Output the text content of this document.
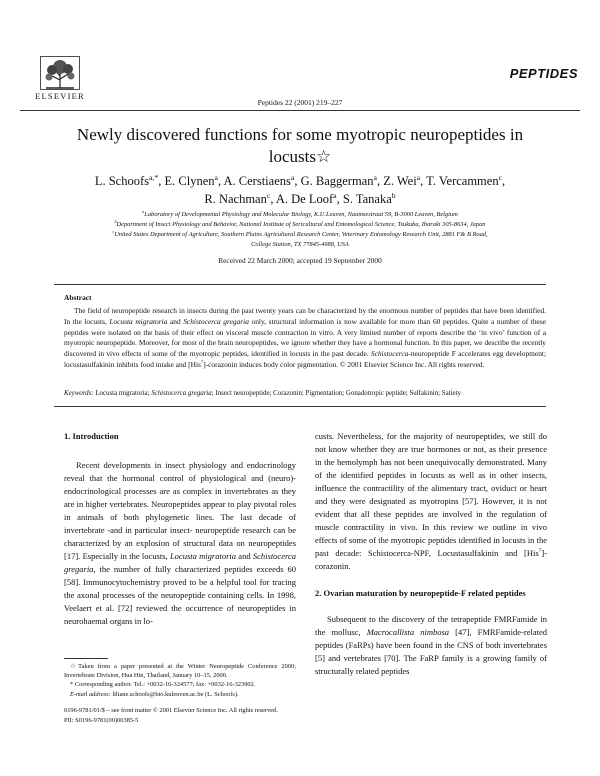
ELSEVIER
PEPTIDES
Peptides 22 (2001) 219–227
Newly discovered functions for some myotropic neuropeptides in locusts☆
L. Schoofs$^{a,*}$, E. Clynen$^a$, A. Cerstiaens$^a$, G. Baggerman$^a$, Z. Wei$^a$, T. Vercammen$^c$,
R. Nachman$^c$, A. De Loof$^a$, S. Tanaka$^b$
$^a$Laboratory of Developmental Physiology and Molecular Biology, K.U.Leuven, Naamsestraat 59, B-3000 Leuven, Belgium
$^b$Department of Insect Physiology and Behavior, National Institute of Sericultural and Entomological Science, Tsukuba, Ibaraki 305-8634, Japan
$^c$United States Department of Agriculture, Southern Plains Agricultural Research Center, Veterinary Entomology Research Unit, 2881 F& B Road,
College Station, TX 77845-4988, USA
Received 22 March 2000; accepted 19 September 2000
Abstract
The field of neuropeptide research in insects during the past twenty years can be characterized by the enormous number of peptides that have been identified. In the locusts, Locusta migratoria and Schistocerca gregaria only, structural information is now available for more than 60 peptides. Quite a number of these peptides were isolated on the basis of their effect on visceral muscle contraction in vitro. A very limited number of reports describe the ‘in vivo’ function of a myotropic neuropeptide. Moreover, for most of the brain neuropeptides, we ignore whether they have a hormonal function. In this paper, we describe the recently discovered in vivo effects of some of the myotropic peptides, identified in locusts in the past decade. Schistocerca-neuropeptide F accelerates egg development; locustasulfakinin inhibits food intake and [His$^7$]-corazonin induces body color pigmentation. © 2001 Elsevier Science Inc. All rights reserved.
Keywords: Locusta migratoria; Schistocerca gregaria; Insect neuropeptide; Corazonin; Pigmentation; Gonadotropic peptide; Sulfakinin; Satiety

1. Introduction

Recent developments in insect physiology and endocrinology reveal that the hormonal control of physiological and (neuro)-endocrinological processes are as complex in invertebrates as they are in higher vertebrates. Neuropeptides appear to play pivotal roles in animals of both phylogenetic lines. The last decade of invertebrate -and in particular insect- neuropeptide research can be characterized by an explosion of structural data on neuropeptides [17]. Especially in the locusts, Locusta migratoria and Schistocerca gregaria, the number of fully characterized peptides exceeds 60 [58]. Immunocytochemistry proved to be a helpful tool for tracing the axonal processes of the neuropeptide containing cells. In 1998, Veelaert et al. [72] reviewed the occurrence of neuropeptides in neurohaemal organs in lo-

custs. Nevertheless, for the majority of neuropeptides, we still do not know whether they are true hormones or not, as their presence in the hemolymph has not been unequivocally demonstrated. Many of the identified peptides in locusts as well as in other insects, influence the contractility of the alimentary tract, oviduct or heart and they were designated as myotropins [57]. However, it is not evident that all these peptides are involved in the regulation of muscle contractility in vivo. In this review we outline in vivo effects of some of the myotropic peptides identified in locusts in the past decade: Schistocerca-NPF, Locustasulfakinin and [His$^7$]-corazonin.

2. Ovarian maturation by neuropeptide-F related peptides

Subsequent to the discovery of the tetrapeptide FMRFamide in the mollusc, Macrocallista nimbosa [47], FMRFamide-related peptides (FaRPs) have been found in the CNS of both invertebrates [5] and vertebrates [70]. The FaRP family is a growing family of structurally related peptides

☆Taken from a paper presented at the Winter Neuropeptide Conference 2000; Invertebrate Division, Hua Hin, Thailand, January 10–15, 2000.
* Corresponding author. Tel.: +0032-16-324577; fax: +0032-16-323902.
E-mail address: liliane.schoofs@bio.kuleuven.ac.be (L. Schoofs).
0196-9781/01/$ – see front matter © 2001 Elsevier Science Inc. All rights reserved.
PII: S0196-9781(00)00385-5
